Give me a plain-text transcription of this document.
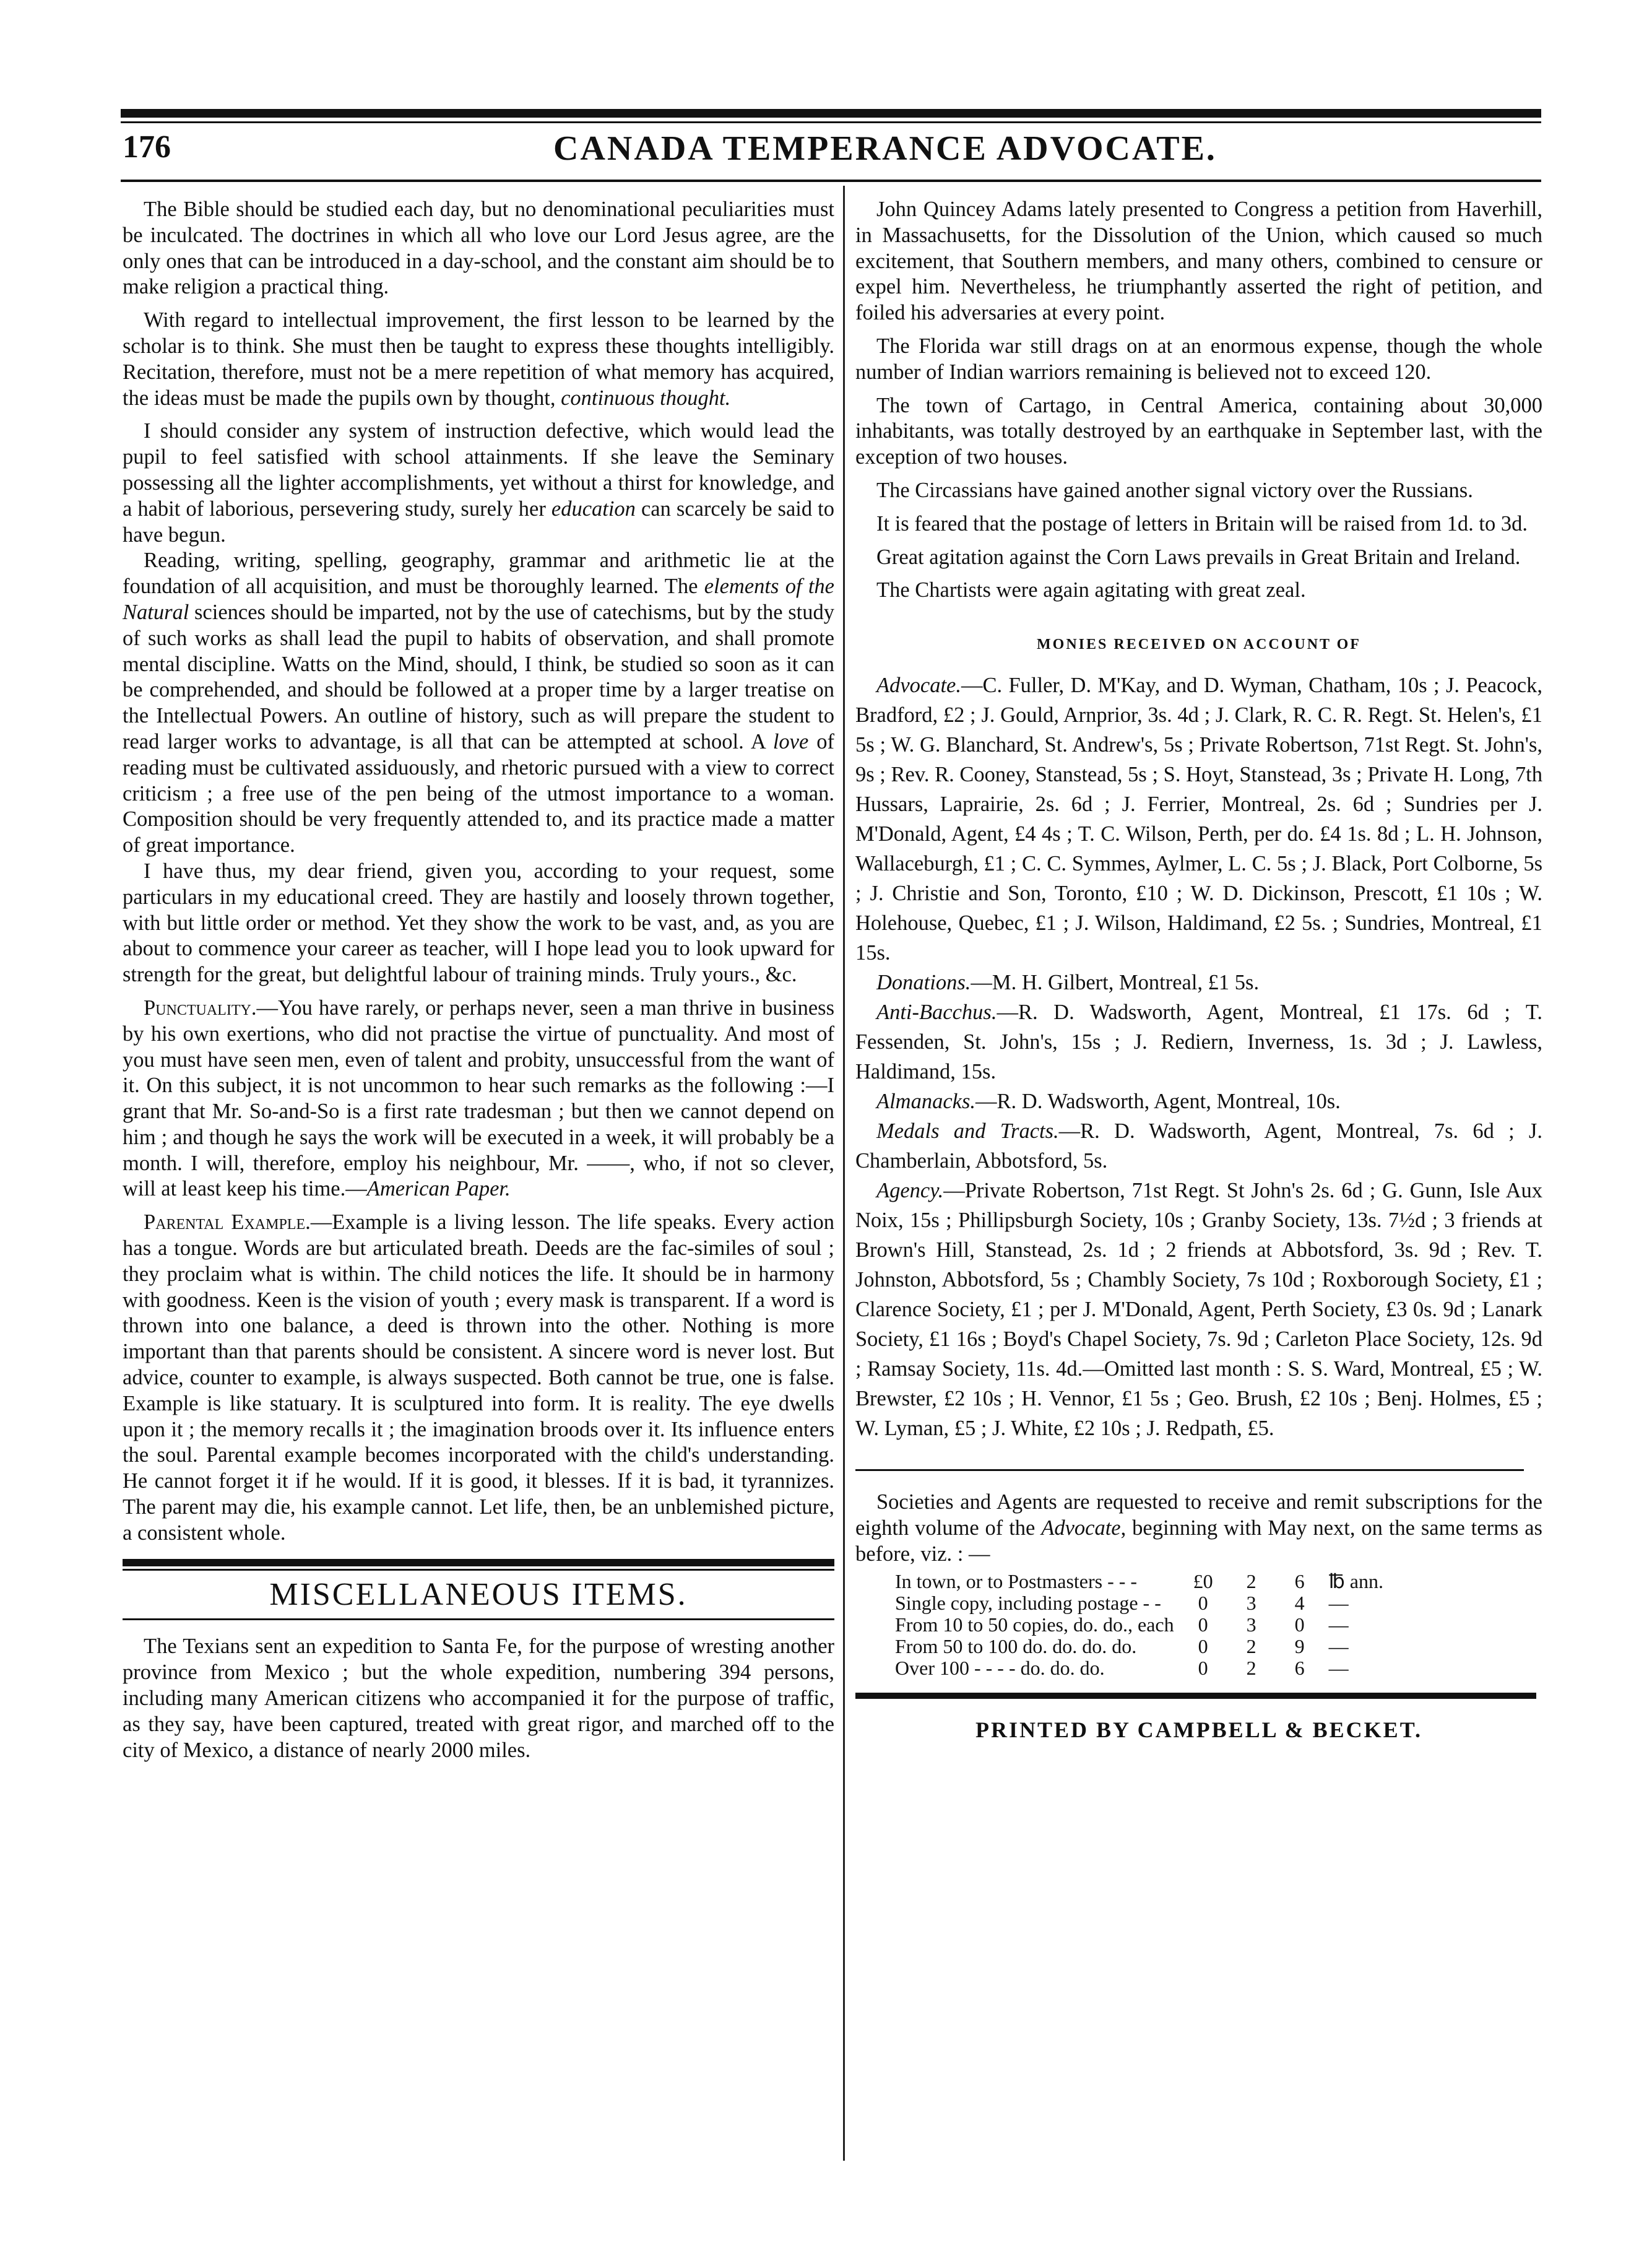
176	CANADA TEMPERANCE ADVOCATE.

The Bible should be studied each day, but no denominational peculiarities must be inculcated. The doctrines in which all who love our Lord Jesus agree, are the only ones that can be introduced in a day-school, and the constant aim should be to make religion a practical thing.

With regard to intellectual improvement, the first lesson to be learned by the scholar is to think. She must then be taught to express these thoughts intelligibly. Recitation, therefore, must not be a mere repetition of what memory has acquired, the ideas must be made the pupils own by thought, continuous thought.

I should consider any system of instruction defective, which would lead the pupil to feel satisfied with school attainments. If she leave the Seminary possessing all the lighter accomplishments, yet without a thirst for knowledge, and a habit of laborious, persevering study, surely her education can scarcely be said to have begun.

Reading, writing, spelling, geography, grammar and arithmetic lie at the foundation of all acquisition, and must be thoroughly learned. The elements of the Natural sciences should be imparted, not by the use of catechisms, but by the study of such works as shall lead the pupil to habits of observation, and shall promote mental discipline. Watts on the Mind, should, I think, be studied so soon as it can be comprehended, and should be followed at a proper time by a larger treatise on the Intellectual Powers. An outline of history, such as will prepare the student to read larger works to advantage, is all that can be attempted at school. A love of reading must be cultivated assiduously, and rhetoric pursued with a view to correct criticism ; a free use of the pen being of the utmost importance to a woman. Composition should be very frequently attended to, and its practice made a matter of great importance.

I have thus, my dear friend, given you, according to your request, some particulars in my educational creed. They are hastily and loosely thrown together, with but little order or method. Yet they show the work to be vast, and, as you are about to commence your career as teacher, will I hope lead you to look upward for strength for the great, but delightful labour of training minds. Truly yours., &c.

Punctuality.—You have rarely, or perhaps never, seen a man thrive in business by his own exertions, who did not practise the virtue of punctuality. And most of you must have seen men, even of talent and probity, unsuccessful from the want of it. On this subject, it is not uncommon to hear such remarks as the following :—I grant that Mr. So-and-So is a first rate tradesman ; but then we cannot depend on him ; and though he says the work will be executed in a week, it will probably be a month. I will, therefore, employ his neighbour, Mr. ——, who, if not so clever, will at least keep his time.—American Paper.

Parental Example.—Example is a living lesson. The life speaks. Every action has a tongue. Words are but articulated breath. Deeds are the fac-similes of soul ; they proclaim what is within. The child notices the life. It should be in harmony with goodness. Keen is the vision of youth ; every mask is transparent. If a word is thrown into one balance, a deed is thrown into the other. Nothing is more important than that parents should be consistent. A sincere word is never lost. But advice, counter to example, is always suspected. Both cannot be true, one is false. Example is like statuary. It is sculptured into form. It is reality. The eye dwells upon it ; the memory recalls it ; the imagination broods over it. Its influence enters the soul. Parental example becomes incorporated with the child's understanding. He cannot forget it if he would. If it is good, it blesses. If it is bad, it tyrannizes. The parent may die, his example cannot. Let life, then, be an unblemished picture, a consistent whole.

MISCELLANEOUS ITEMS.

The Texians sent an expedition to Santa Fe, for the purpose of wresting another province from Mexico ; but the whole expedition, numbering 394 persons, including many American citizens who accompanied it for the purpose of traffic, as they say, have been captured, treated with great rigor, and marched off to the city of Mexico, a distance of nearly 2000 miles.

John Quincey Adams lately presented to Congress a petition from Haverhill, in Massachusetts, for the Dissolution of the Union, which caused so much excitement, that Southern members, and many others, combined to censure or expel him. Nevertheless, he triumphantly asserted the right of petition, and foiled his adversaries at every point.

The Florida war still drags on at an enormous expense, though the whole number of Indian warriors remaining is believed not to exceed 120.

The town of Cartago, in Central America, containing about 30,000 inhabitants, was totally destroyed by an earthquake in September last, with the exception of two houses.

The Circassians have gained another signal victory over the Russians.

It is feared that the postage of letters in Britain will be raised from 1d. to 3d.

Great agitation against the Corn Laws prevails in Great Britain and Ireland.

The Chartists were again agitating with great zeal.

MONIES RECEIVED ON ACCOUNT OF

Advocate.—C. Fuller, D. M'Kay, and D. Wyman, Chatham, 10s ; J. Peacock, Bradford, £2 ; J. Gould, Arnprior, 3s. 4d ; J. Clark, R. C. R. Regt. St. Helen's, £1 5s ; W. G. Blanchard, St. Andrew's, 5s ; Private Robertson, 71st Regt. St. John's, 9s ; Rev. R. Cooney, Stanstead, 5s ; S. Hoyt, Stanstead, 3s ; Private H. Long, 7th Hussars, Laprairie, 2s. 6d ; J. Ferrier, Montreal, 2s. 6d ; Sundries per J. M'Donald, Agent, £4 4s ; T. C. Wilson, Perth, per do. £4 1s. 8d ; L. H. Johnson, Wallaceburgh, £1 ; C. C. Symmes, Aylmer, L. C. 5s ; J. Black, Port Colborne, 5s ; J. Christie and Son, Toronto, £10 ; W. D. Dickinson, Prescott, £1 10s ; W. Holehouse, Quebec, £1 ; J. Wilson, Haldimand, £2 5s. ; Sundries, Montreal, £1 15s.

Donations.—M. H. Gilbert, Montreal, £1 5s.

Anti-Bacchus.—R. D. Wadsworth, Agent, Montreal, £1 17s. 6d ; T. Fessenden, St. John's, 15s ; J. Rediern, Inverness, 1s. 3d ; J. Lawless, Haldimand, 15s.

Almanacks.—R. D. Wadsworth, Agent, Montreal, 10s.

Medals and Tracts.—R. D. Wadsworth, Agent, Montreal, 7s. 6d ; J. Chamberlain, Abbotsford, 5s.

Agency.—Private Robertson, 71st Regt. St John's 2s. 6d ; G. Gunn, Isle Aux Noix, 15s ; Phillipsburgh Society, 10s ; Granby Society, 13s. 7½d ; 3 friends at Brown's Hill, Stanstead, 2s. 1d ; 2 friends at Abbotsford, 3s. 9d ; Rev. T. Johnston, Abbotsford, 5s ; Chambly Society, 7s 10d ; Roxborough Society, £1 ; Clarence Society, £1 ; per J. M'Donald, Agent, Perth Society, £3 0s. 9d ; Lanark Society, £1 16s ; Boyd's Chapel Society, 7s. 9d ; Carleton Place Society, 12s. 9d ; Ramsay Society, 11s. 4d.—Omitted last month : S. S. Ward, Montreal, £5 ; W. Brewster, £2 10s ; H. Vennor, £1 5s ; Geo. Brush, £2 10s ; Benj. Holmes, £5 ; W. Lyman, £5 ; J. White, £2 10s ; J. Redpath, £5.

Societies and Agents are requested to receive and remit subscriptions for the eighth volume of the Advocate, beginning with May next, on the same terms as before, viz. : —

In town, or to Postmasters - - -	£0	2	6	℔ ann.
Single copy, including postage - -	0	3	4	—
From 10 to 50 copies, do. do., each	0	3	0	—
From 50 to 100 do. do. do. do.	0	2	9	—
Over 100 - - - - do. do. do.	0	2	6	—
PRINTED BY CAMPBELL & BECKET.
